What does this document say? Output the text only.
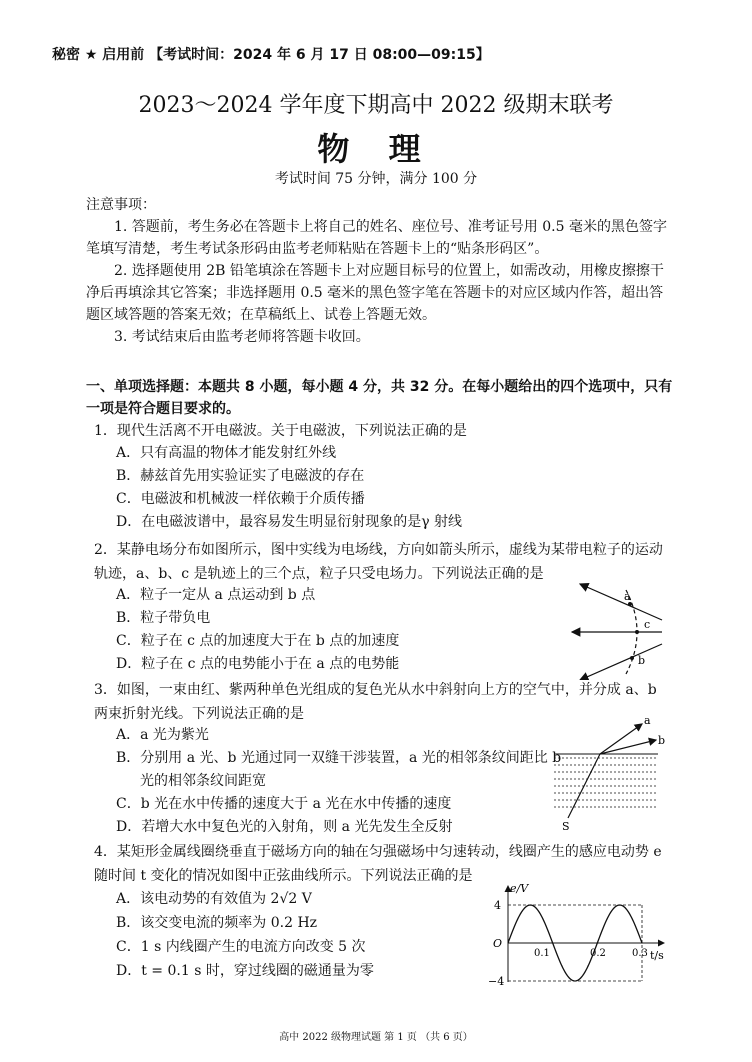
秘密 ★ 启用前 【考试时间：2024 年 6 月 17 日 08:00—09:15】
2023～2024 学年度下期高中 2022 级期末联考
物 理
考试时间 75 分钟，满分 100 分
注意事项：
1. 答题前，考生务必在答题卡上将自己的姓名、座位号、准考证号用 0.5 毫米的黑色签字笔填写清楚，考生考试条形码由监考老师粘贴在答题卡上的“贴条形码区”。
2. 选择题使用 2B 铅笔填涂在答题卡上对应题目标号的位置上，如需改动，用橡皮擦擦干净后再填涂其它答案；非选择题用 0.5 毫米的黑色签字笔在答题卡的对应区域内作答，超出答题区域答题的答案无效；在草稿纸上、试卷上答题无效。
3. 考试结束后由监考老师将答题卡收回。
一、单项选择题：本题共 8 小题，每小题 4 分，共 32 分。在每小题给出的四个选项中，只有一项是符合题目要求的。
1．现代生活离不开电磁波。关于电磁波，下列说法正确的是
A．只有高温的物体才能发射红外线
B．赫兹首先用实验证实了电磁波的存在
C．电磁波和机械波一样依赖于介质传播
D．在电磁波谱中，最容易发生明显衍射现象的是γ 射线
2．某静电场分布如图所示，图中实线为电场线，方向如箭头所示，虚线为某带电粒子的运动轨迹，a、b、c 是轨迹上的三个点，粒子只受电场力。下列说法正确的是
A．粒子一定从 a 点运动到 b 点
B．粒子带负电
C．粒子在 c 点的加速度大于在 b 点的加速度
D．粒子在 c 点的电势能小于在 a 点的电势能
a
c
b
3．如图，一束由红、紫两种单色光组成的复色光从水中斜射向上方的空气中，并分成 a、b 两束折射光线。下列说法正确的是
A．a 光为紫光
B．分别用 a 光、b 光通过同一双缝干涉装置，a 光的相邻条纹间距比 b 光的相邻条纹间距宽
C．b 光在水中传播的速度大于 a 光在水中传播的速度
D．若增大水中复色光的入射角，则 a 光先发生全反射
a
b
S
4．某矩形金属线圈绕垂直于磁场方向的轴在匀强磁场中匀速转动，线圈产生的感应电动势 e 随时间 t 变化的情况如图中正弦曲线所示。下列说法正确的是
A．该电动势的有效值为 2√2 V
B．该交变电流的频率为 0.2 Hz
C．1 s 内线圈产生的电流方向改变 5 次
D．t = 0.1 s 时，穿过线圈的磁通量为零
e/V
t/s
O
4
−4
0.1	0.2	0.3
高中 2022 级物理试题 第 1 页 （共 6 页）
